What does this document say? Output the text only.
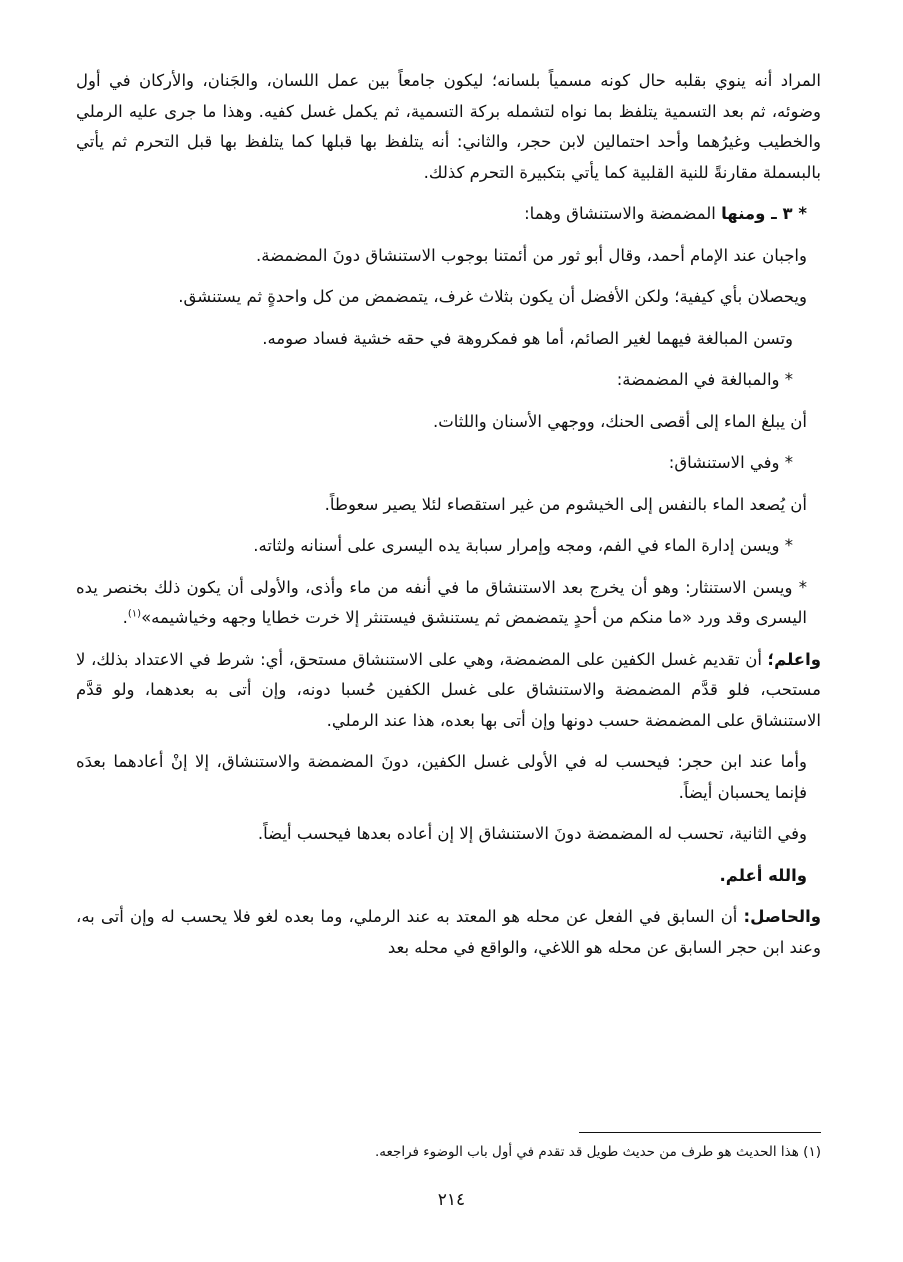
المراد أنه ينوي بقلبه حال كونه مسمياً بلسانه؛ ليكون جامعاً بين عمل اللسان، والجَنان، والأركان في أول وضوئه، ثم بعد التسمية يتلفظ بما نواه لتشمله بركة التسمية، ثم يكمل غسل كفيه. وهذا ما جرى عليه الرملي والخطيب وغيرُهما وأحد احتمالين لابن حجر، والثاني: أنه يتلفظ بها قبلها كما يتلفظ بها قبل التحرم ثم يأتي بالبسملة مقارنةً للنية القلبية كما يأتي بتكبيرة التحرم كذلك.

* ٣ ـ ومنها المضمضة والاستنشاق وهما:

واجبان عند الإمام أحمد، وقال أبو ثور من أئمتنا بوجوب الاستنشاق دونَ المضمضة.

ويحصلان بأي كيفية؛ ولكن الأفضل أن يكون بثلاث غرف، يتمضمض من كل واحدةٍ ثم يستنشق.

وتسن المبالغة فيهما لغير الصائم، أما هو فمكروهة في حقه خشية فساد صومه.

* والمبالغة في المضمضة:

أن يبلغ الماء إلى أقصى الحنك، ووجهي الأسنان واللثات.

* وفي الاستنشاق:

أن يُصعد الماء بالنفس إلى الخيشوم من غير استقصاء لئلا يصير سعوطاً.

* ويسن إدارة الماء في الفم، ومجه وإمرار سبابة يده اليسرى على أسنانه ولثاته.

* ويسن الاستنثار: وهو أن يخرج بعد الاستنشاق ما في أنفه من ماء وأذى، والأولى أن يكون ذلك بخنصر يده اليسرى وقد ورد «ما منكم من أحدٍ يتمضمض ثم يستنشق فيستنثر إلا خرت خطايا وجهه وخياشيمه»$^{(١)}$.

واعلم؛ أن تقديم غسل الكفين على المضمضة، وهي على الاستنشاق مستحق، أي: شرط في الاعتداد بذلك، لا مستحب، فلو قدَّم المضمضة والاستنشاق على غسل الكفين حُسبا دونه، وإن أتى به بعدهما، ولو قدَّم الاستنشاق على المضمضة حسب دونها وإن أتى بها بعده، هذا عند الرملي.

وأما عند ابن حجر: فيحسب له في الأولى غسل الكفين، دونَ المضمضة والاستنشاق، إلا إنْ أعادهما بعدَه فإنما يحسبان أيضاً.

وفي الثانية، تحسب له المضمضة دونَ الاستنشاق إلا إن أعاده بعدها فيحسب أيضاً.

والله أعلم.

والحاصل: أن السابق في الفعل عن محله هو المعتد به عند الرملي، وما بعده لغو فلا يحسب له وإن أتى به، وعند ابن حجر السابق عن محله هو اللاغي، والواقع في محله بعد

(١) هذا الحديث هو طرف من حديث طويل قد تقدم في أول باب الوضوء فراجعه.
٢١٤
